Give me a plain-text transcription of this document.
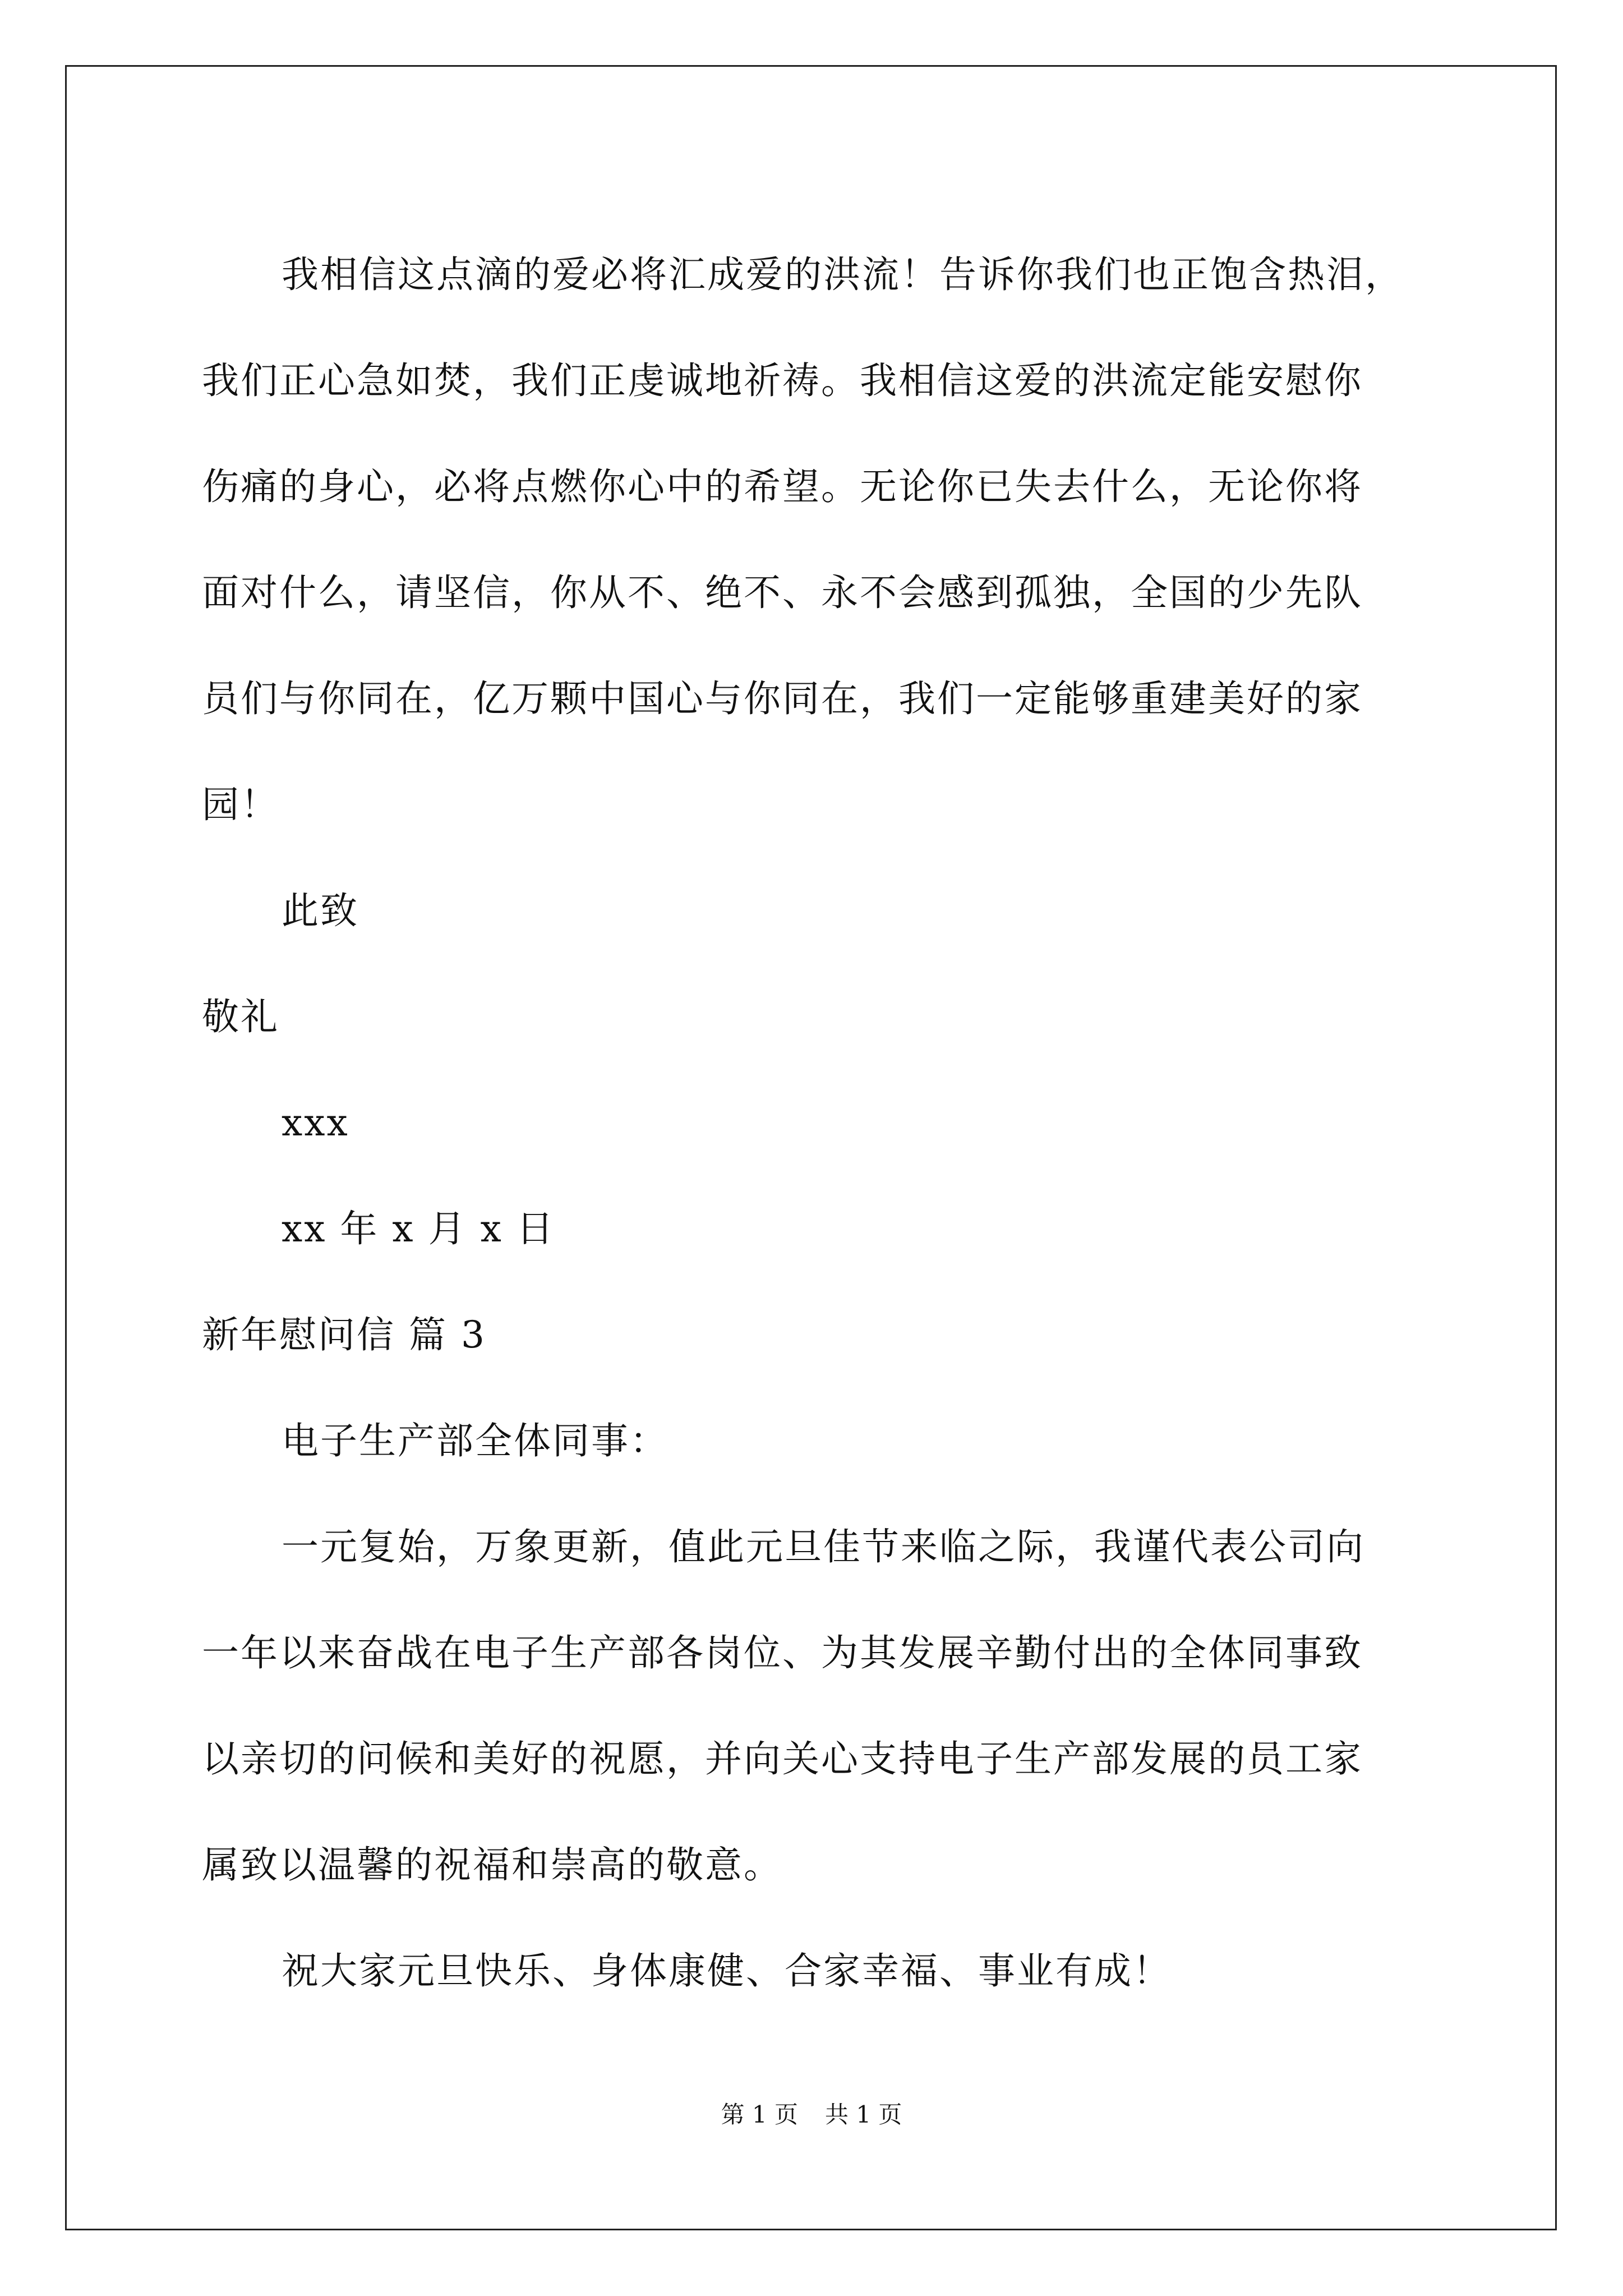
我相信这点滴的爱必将汇成爱的洪流！告诉你我们也正饱含热泪，
我们正心急如焚，我们正虔诚地祈祷。我相信这爱的洪流定能安慰你
伤痛的身心，必将点燃你心中的希望。无论你已失去什么，无论你将
面对什么，请坚信，你从不、绝不、永不会感到孤独，全国的少先队
员们与你同在，亿万颗中国心与你同在，我们一定能够重建美好的家
园！
此致
敬礼
xxx
xx 年 x 月 x 日
新年慰问信 篇 3
电子生产部全体同事：
一元复始，万象更新，值此元旦佳节来临之际，我谨代表公司向
一年以来奋战在电子生产部各岗位、为其发展辛勤付出的全体同事致
以亲切的问候和美好的祝愿，并向关心支持电子生产部发展的员工家
属致以温馨的祝福和崇高的敬意。
祝大家元旦快乐、身体康健、合家幸福、事业有成！
第 1 页 共 1 页
